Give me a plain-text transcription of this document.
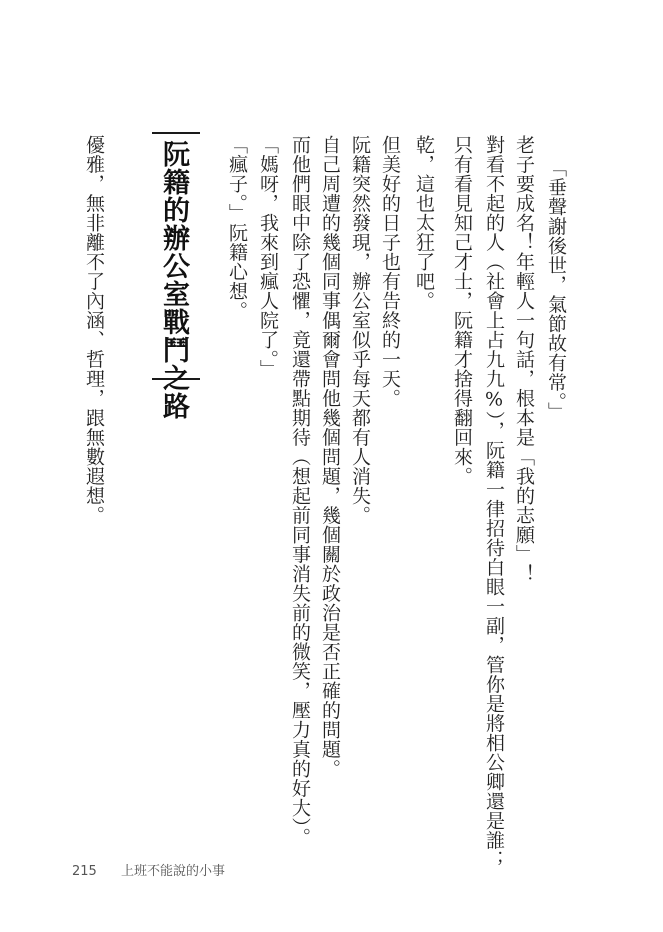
「垂聲謝後世，氣節故有常。」
老子要成名！年輕人一句話，根本是「我的志願」！
對看不起的人（社會上占九九%），阮籍一律招待白眼一副，管你是將相公卿還是誰；
只有看見知己才士，阮籍才捨得翻回來。
乾，這也太狂了吧。
但美好的日子也有告終的一天。
阮籍突然發現，辦公室似乎每天都有人消失。
自己周遭的幾個同事偶爾會問他幾個問題，幾個關於政治是否正確的問題。
而他們眼中除了恐懼，竟還帶點期待（想起前同事消失前的微笑，壓力真的好大）。
「媽呀，我來到瘋人院了。」
「瘋子。」阮籍心想。
阮籍的辦公室戰鬥之路
優雅，無非離不了內涵、哲理，跟無數遐想。
215 上班不能說的小事
